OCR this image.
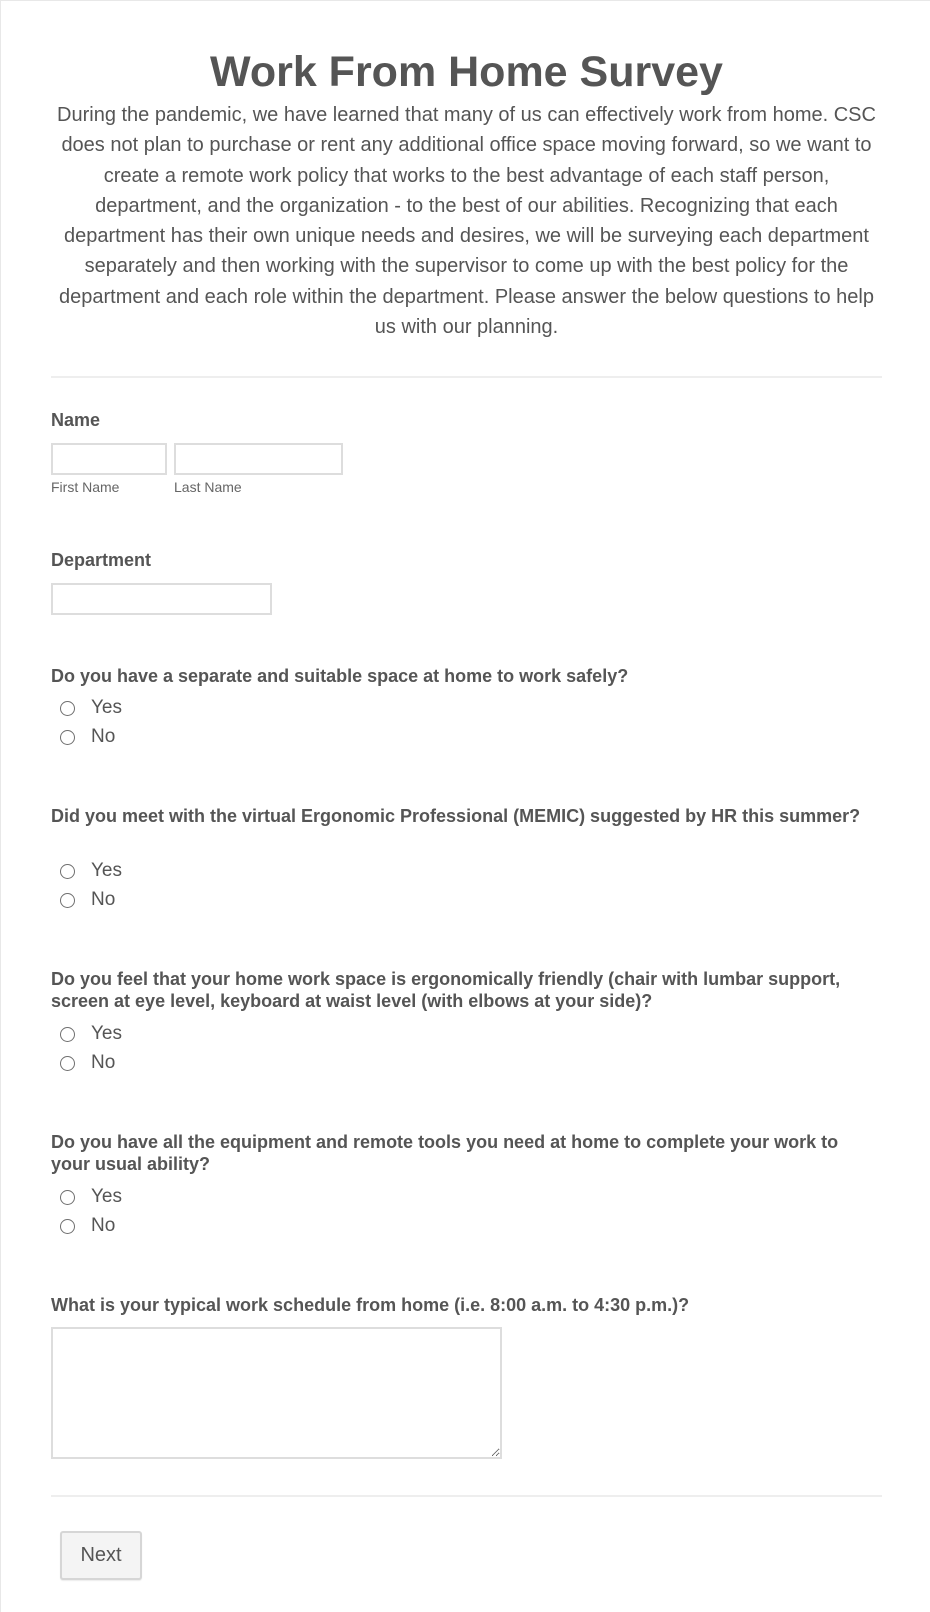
Work From Home Survey

During the pandemic, we have learned that many of us can effectively work from home. CSC does not plan to purchase or rent any additional office space moving forward, so we want to create a remote work policy that works to the best advantage of each staff person, department, and the organization - to the best of our abilities. Recognizing that each department has their own unique needs and desires, we will be surveying each department separately and then working with the supervisor to come up with the best policy for the department and each role within the department. Please answer the below questions to help us with our planning.

Name
First Name	Last Name
Department
Do you have a separate and suitable space at home to work safely?
Yes
No
Did you meet with the virtual Ergonomic Professional (MEMIC) suggested by HR this summer?
Yes
No
Do you feel that your home work space is ergonomically friendly (chair with lumbar support, screen at eye level, keyboard at waist level (with elbows at your side)?
Yes
No
Do you have all the equipment and remote tools you need at home to complete your work to your usual ability?
Yes
No
What is your typical work schedule from home (i.e. 8:00 a.m. to 4:30 p.m.)?
Next
